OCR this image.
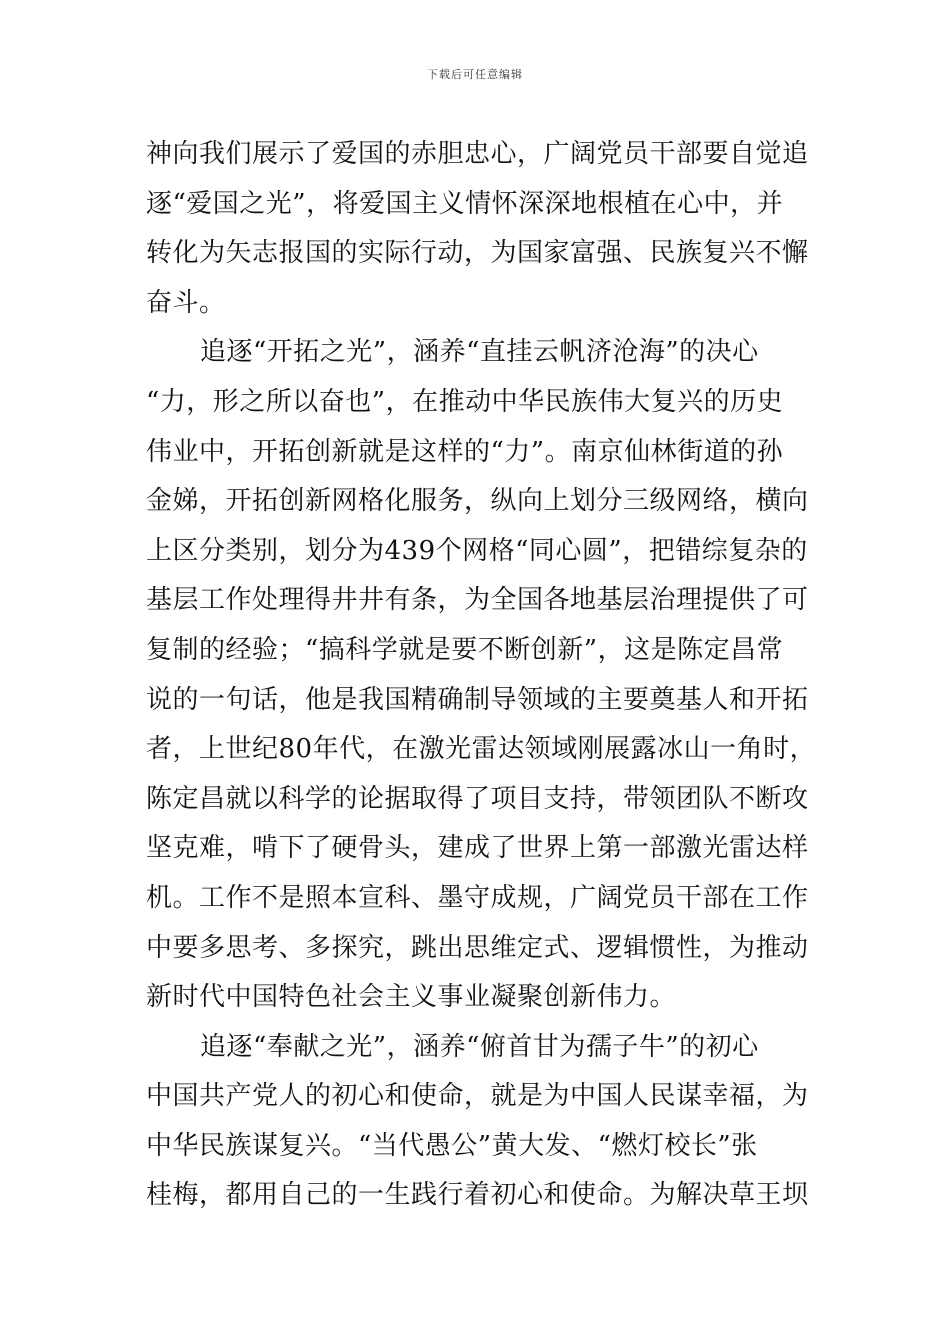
下载后可任意编辑
神向我们展示了爱国的赤胆忠心，广阔党员干部要自觉追
逐“爱国之光”，将爱国主义情怀深深地根植在心中，并
转化为矢志报国的实际行动，为国家富强、民族复兴不懈
奋斗。
追逐“开拓之光”，涵养“直挂云帆济沧海”的决心
“力，形之所以奋也”，在推动中华民族伟大复兴的历史
伟业中，开拓创新就是这样的“力”。南京仙林街道的孙
金娣，开拓创新网格化服务，纵向上划分三级网络，横向
上区分类别，划分为439个网格“同心圆”，把错综复杂的
基层工作处理得井井有条，为全国各地基层治理提供了可
复制的经验；“搞科学就是要不断创新”，这是陈定昌常
说的一句话，他是我国精确制导领域的主要奠基人和开拓
者，上世纪80年代，在激光雷达领域刚展露冰山一角时，
陈定昌就以科学的论据取得了项目支持，带领团队不断攻
坚克难，啃下了硬骨头，建成了世界上第一部激光雷达样
机。工作不是照本宣科、墨守成规，广阔党员干部在工作
中要多思考、多探究，跳出思维定式、逻辑惯性，为推动
新时代中国特色社会主义事业凝聚创新伟力。
追逐“奉献之光”，涵养“俯首甘为孺子牛”的初心
中国共产党人的初心和使命，就是为中国人民谋幸福，为
中华民族谋复兴。“当代愚公”黄大发、“燃灯校长”张
桂梅，都用自己的一生践行着初心和使命。为解决草王坝
